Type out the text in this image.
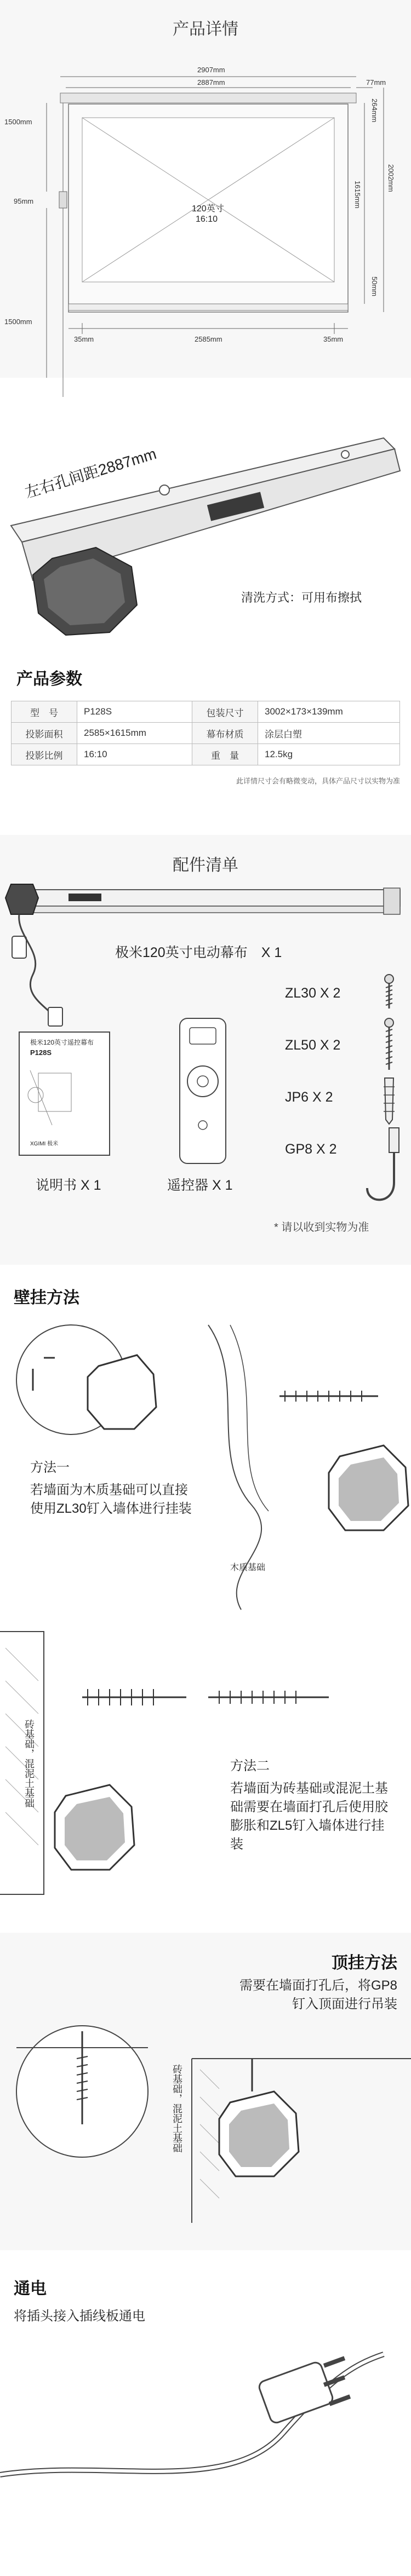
产品详情
2907mm
2887mm	77mm
264mm
2002mm
1615mm
50mm
1500mm
95mm
1500mm
35mm	2585mm	35mm
120英寸
16:10
左右孔间距2887mm
清洗方式：可用布擦拭
产品参数
型　号	P128S	包装尺寸	3002×173×139mm
投影面积	2585×1615mm	幕布材质	涂层白塑
投影比例	16:10	重　量	12.5kg
此详情尺寸会有略微变动，具体产品尺寸以实物为准
配件清单
极米120英寸电动幕布　X 1
ZL30 X 2
ZL50 X 2
JP6 X 2
GP8 X 2
极米120英寸遥控幕布
P128S
XGIMI 极米
说明书 X 1	遥控器 X 1
* 请以收到实物为准
壁挂方法
方法一
若墙面为木质基础可以直接使用ZL30钉入墙体进行挂装
木质基础
砖基础，混泥土基础	方法二
若墙面为砖基础或混泥土基础需要在墙面打孔后使用胶膨胀和ZL5钉入墙体进行挂装
顶挂方法
需要在墙面打孔后，将GP8钉入顶面进行吊装
砖基础，混泥土基础
通电
将插头接入插线板通电
